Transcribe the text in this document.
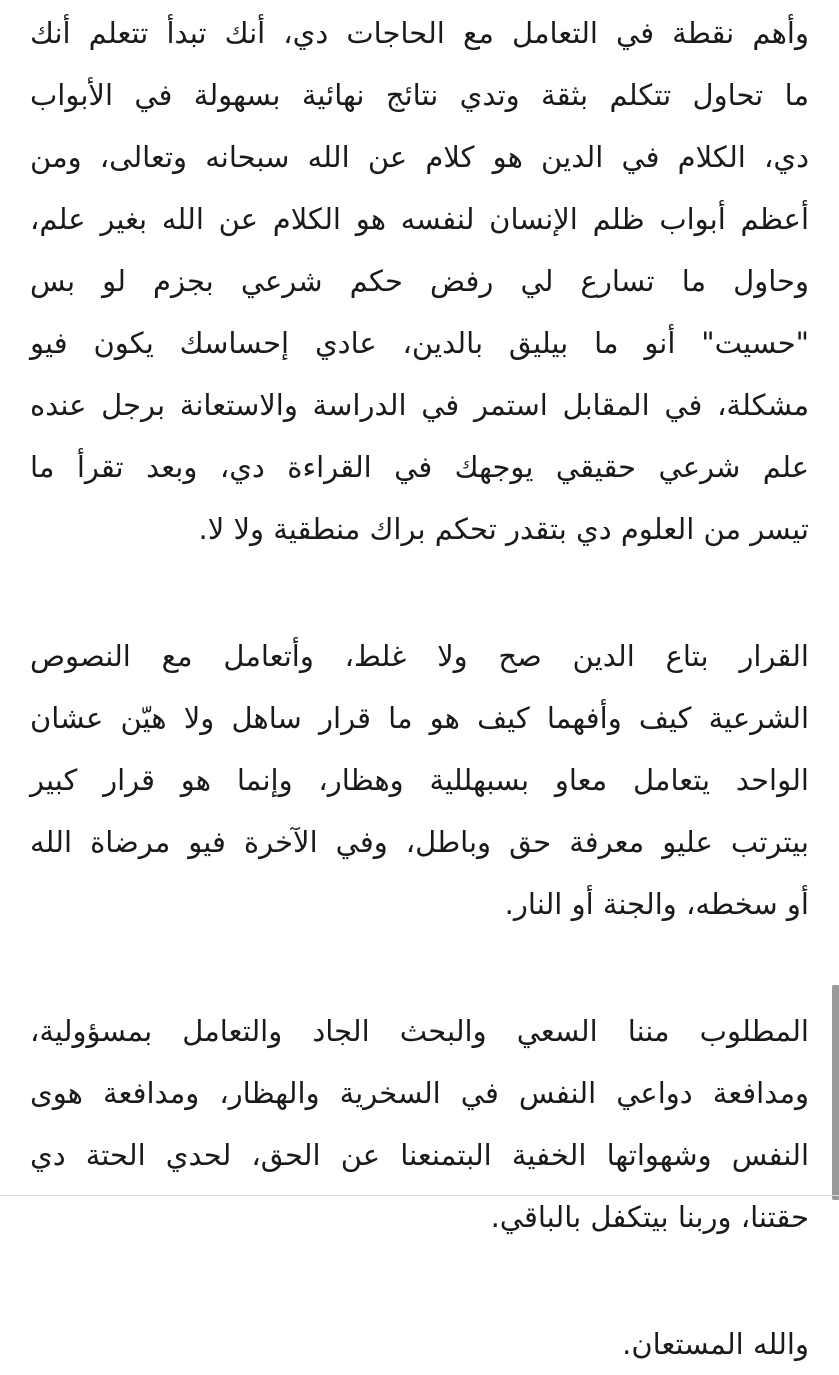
وأهم نقطة في التعامل مع الحاجات دي، أنك تبدأ تتعلم أنك
ما تحاول تتكلم بثقة وتدي نتائج نهائية بسهولة في الأبواب
دي، الكلام في الدين هو كلام عن الله سبحانه وتعالى، ومن
أعظم أبواب ظلم الإنسان لنفسه هو الكلام عن الله بغير علم،
وحاول ما تسارع لي رفض حكم شرعي بجزم لو بس
"حسيت" أنو ما بيليق بالدين، عادي إحساسك يكون فيو
مشكلة، في المقابل استمر في الدراسة والاستعانة برجل عنده
علم شرعي حقيقي يوجهك في القراءة دي، وبعد تقرأ ما
تيسر من العلوم دي بتقدر تحكم براك منطقية ولا لا.
القرار بتاع الدين صح ولا غلط، وأتعامل مع النصوص
الشرعية كيف وأفهما كيف هو ما قرار ساهل ولا هيّن عشان
الواحد يتعامل معاو بسبهللية وهظار، وإنما هو قرار كبير
بيترتب عليو معرفة حق وباطل، وفي الآخرة فيو مرضاة الله
أو سخطه، والجنة أو النار.
المطلوب مننا السعي والبحث الجاد والتعامل بمسؤولية،
ومدافعة دواعي النفس في السخرية والهظار، ومدافعة هوى
النفس وشهواتها الخفية البتمنعنا عن الحق، لحدي الحتة دي
حقتنا، وربنا بيتكفل بالباقي.
والله المستعان.
